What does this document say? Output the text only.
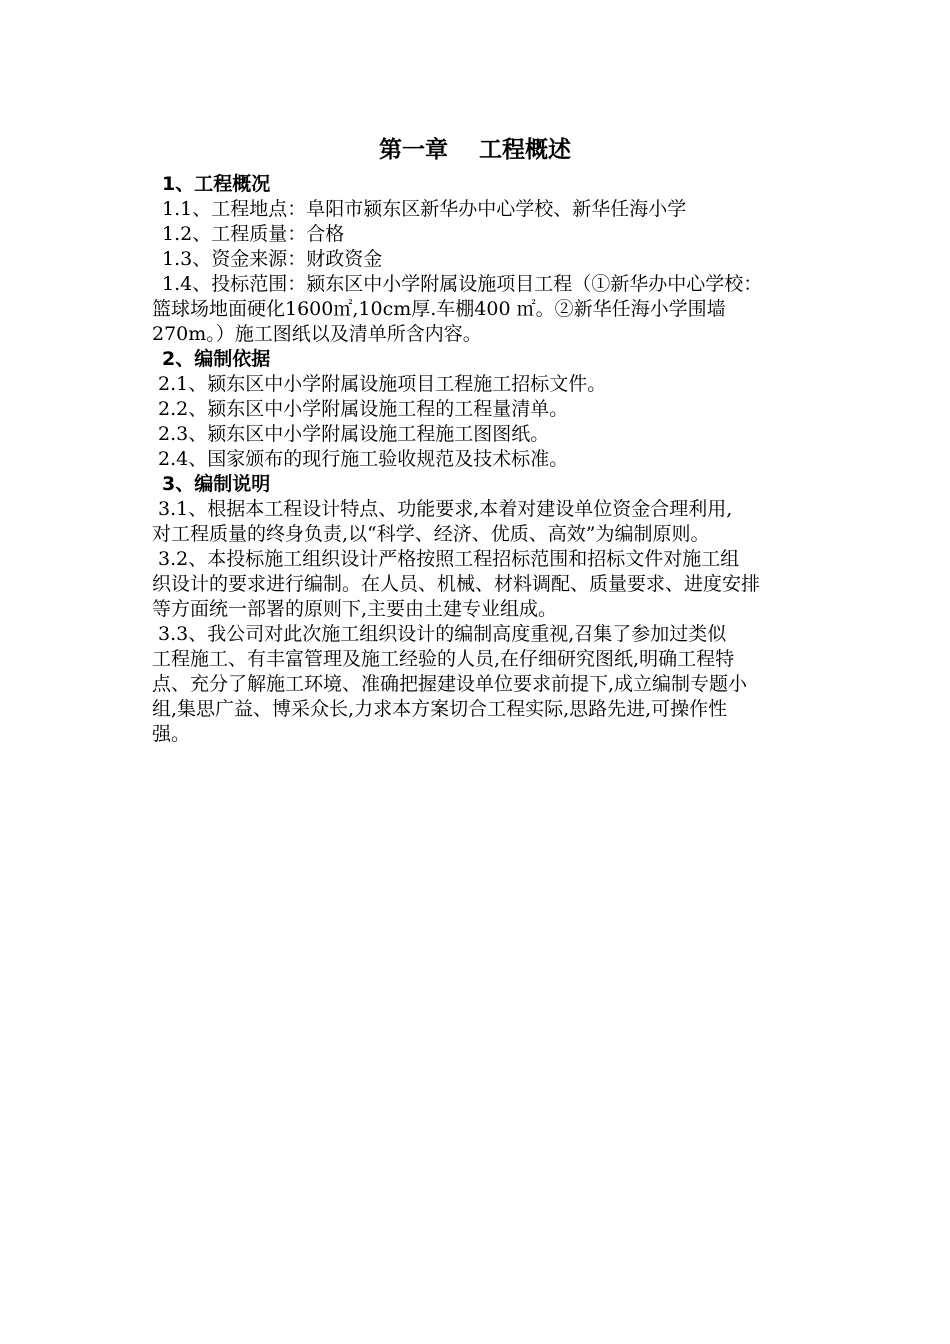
第一章　 工程概述
1、工程概况
1.1、工程地点：阜阳市颍东区新华办中心学校、新华任海小学
1.2、工程质量：合格
1.3、资金来源：财政资金
1.4、投标范围：颍东区中小学附属设施项目工程（①新华办中心学校：
篮球场地面硬化1600㎡,10cm厚.车棚400 ㎡。②新华任海小学围墙
270m。）施工图纸以及清单所含内容。
2、编制依据
2.1、颍东区中小学附属设施项目工程施工招标文件。
2.2、颍东区中小学附属设施工程的工程量清单。
2.3、颍东区中小学附属设施工程施工图图纸。
2.4、国家颁布的现行施工验收规范及技术标准。
3、编制说明
3.1、根据本工程设计特点、功能要求,本着对建设单位资金合理利用,
对工程质量的终身负责,以“科学、经济、优质、高效”为编制原则。
3.2、本投标施工组织设计严格按照工程招标范围和招标文件对施工组
织设计的要求进行编制。在人员、机械、材料调配、质量要求、进度安排
等方面统一部署的原则下,主要由土建专业组成。
3.3、我公司对此次施工组织设计的编制高度重视,召集了参加过类似
工程施工、有丰富管理及施工经验的人员,在仔细研究图纸,明确工程特
点、充分了解施工环境、准确把握建设单位要求前提下,成立编制专题小
组,集思广益、博采众长,力求本方案切合工程实际,思路先进,可操作性
强。
